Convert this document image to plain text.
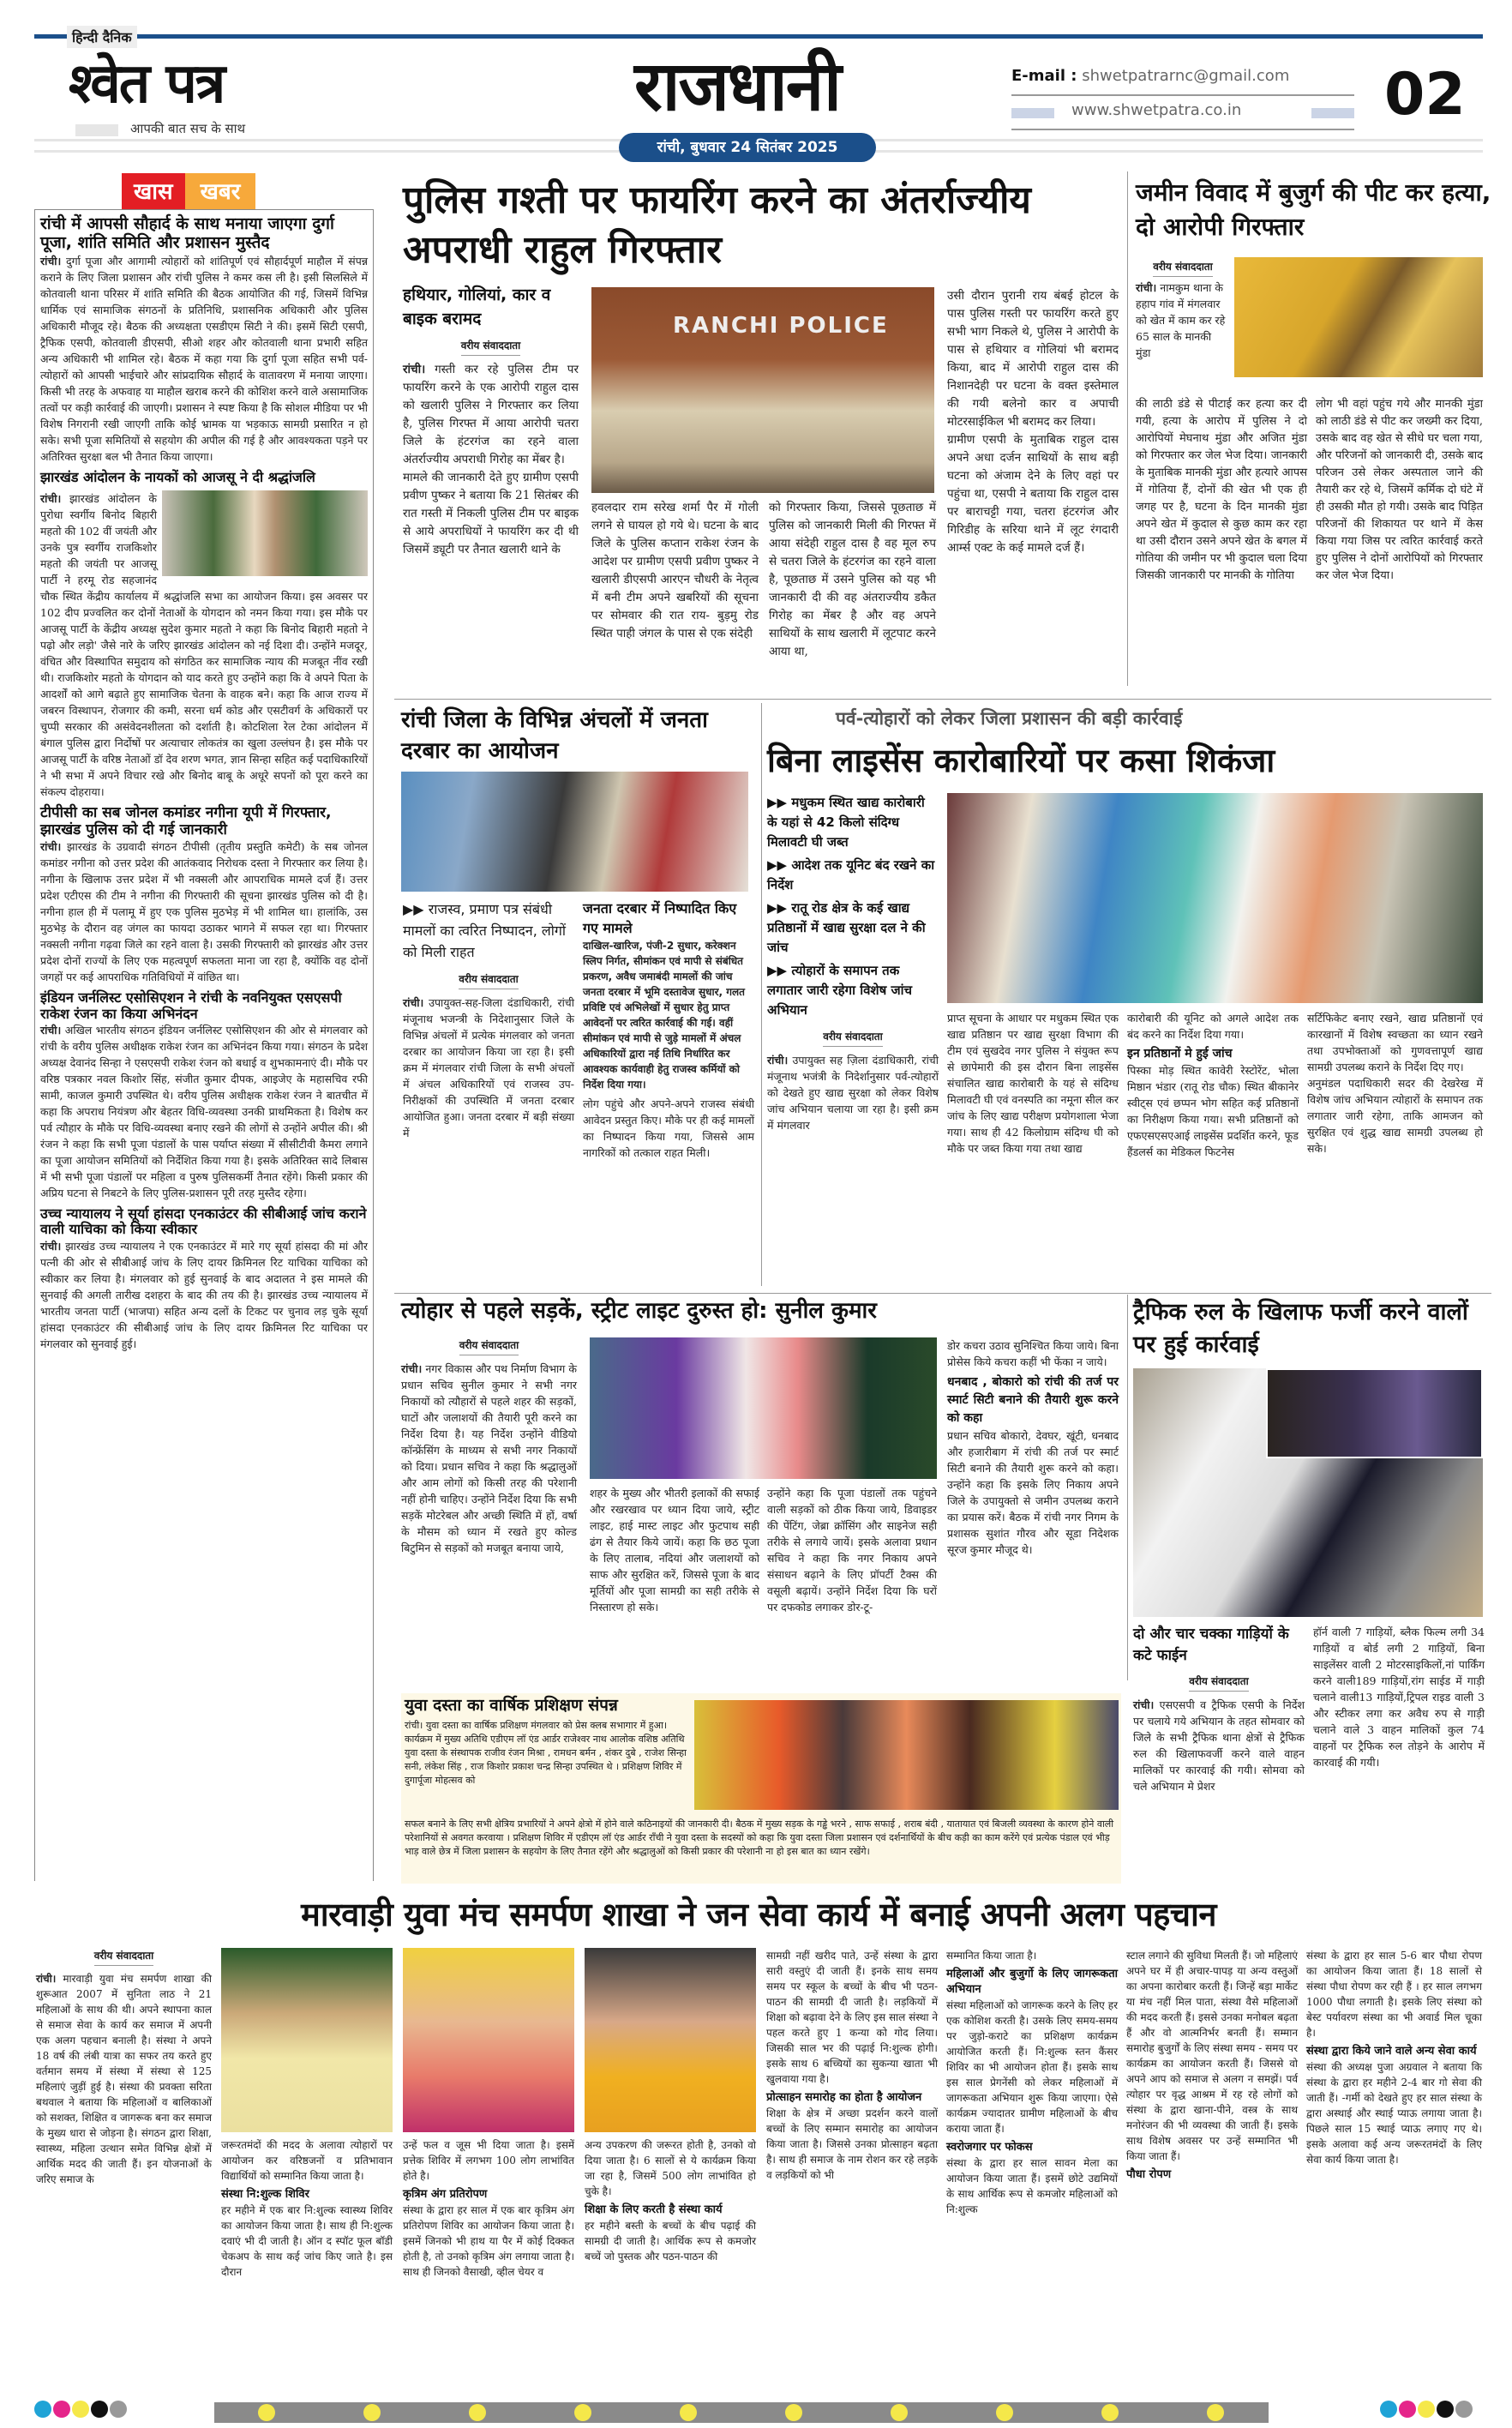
हिन्दी दैनिक
श्वेत पत्र
आपकी बात सच के साथ
राजधानी
रांची, बुधवार 24 सितंबर 2025
E-mail : shwetpatrarnc@gmail.com
www.shwetpatra.co.in 02
खास	खबर
रांची में आपसी सौहार्द के साथ मनाया जाएगा दुर्गा पूजा, शांति समिति और प्रशासन मुस्तैद
रांची। दुर्गा पूजा और आगामी त्योहारों को शांतिपूर्ण एवं सौहार्दपूर्ण माहौल में संपन्न कराने के लिए जिला प्रशासन और रांची पुलिस ने कमर कस ली है। इसी सिलसिले में कोतवाली थाना परिसर में शांति समिति की बैठक आयोजित की गई, जिसमें विभिन्न धार्मिक एवं सामाजिक संगठनों के प्रतिनिधि, प्रशासनिक अधिकारी और पुलिस अधिकारी मौजूद रहे। बैठक की अध्यक्षता एसडीएम सिटी ने की। इसमें सिटी एसपी, ट्रैफिक एसपी, कोतवाली डीएसपी, सीओ शहर और कोतवाली थाना प्रभारी सहित अन्य अधिकारी भी शामिल रहे। बैठक में कहा गया कि दुर्गा पूजा सहित सभी पर्व-त्योहारों को आपसी भाईचारे और सांप्रदायिक सौहार्द के वातावरण में मनाया जाएगा। किसी भी तरह के अफवाह या माहौल खराब करने की कोशिश करने वाले असामाजिक तत्वों पर कड़ी कार्रवाई की जाएगी। प्रशासन ने स्पष्ट किया है कि सोशल मीडिया पर भी विशेष निगरानी रखी जाएगी ताकि कोई भ्रामक या भड़काऊ सामग्री प्रसारित न हो सके। सभी पूजा समितियों से सहयोग की अपील की गई है और आवश्यकता पड़ने पर अतिरिक्त सुरक्षा बल भी तैनात किया जाएगा।
झारखंड आंदोलन के नायकों को आजसू ने दी श्रद्धांजलि
रांची। झारखंड आंदोलन के पुरोधा स्वर्गीय बिनोद बिहारी महतो की 102 वीं जयंती और उनके पुत्र स्वर्गीय राजकिशोर महतो की जयंती पर आजसू पार्टी ने हरमू रोड सहजानंद चौक स्थित केंद्रीय कार्यालय में श्रद्धांजलि सभा का आयोजन किया। इस अवसर पर 102 दीप प्रज्वलित कर दोनों नेताओं के योगदान को नमन किया गया। इस मौके पर आजसू पार्टी के केंद्रीय अध्यक्ष सुदेश कुमार महतो ने कहा कि बिनोद बिहारी महतो ने पढ़ो और लड़ो' जैसे नारे के जरिए झारखंड आंदोलन को नई दिशा दी। उन्होंने मजदूर, वंचित और विस्थापित समुदाय को संगठित कर सामाजिक न्याय की मजबूत नींव रखी थी। राजकिशोर महतो के योगदान को याद करते हुए उन्होंने कहा कि वे अपने पिता के आदर्शों को आगे बढ़ाते हुए सामाजिक चेतना के वाहक बने। कहा कि आज राज्य में जबरन विस्थापन, रोजगार की कमी, सरना धर्म कोड और एसटीवर्ग के अधिकारों पर चुप्पी सरकार की असंवेदनशीलता को दर्शाती है। कोटशिला रेल टेका आंदोलन में बंगाल पुलिस द्वारा निर्दोषों पर अत्याचार लोकतंत्र का खुला उल्लंघन है। इस मौके पर आजसू पार्टी के वरिष्ठ नेताओं डॉ देव शरण भगत, ज्ञान सिन्हा सहित कई पदाधिकारियों ने भी सभा में अपने विचार रखे और बिनोद बाबू के अधूरे सपनों को पूरा करने का संकल्प दोहराया।
टीपीसी का सब जोनल कमांडर नगीना यूपी में गिरफ्तार, झारखंड पुलिस को दी गई जानकारी
रांची। झारखंड के उग्रवादी संगठन टीपीसी (तृतीय प्रस्तुति कमेटी) के सब जोनल कमांडर नगीना को उत्तर प्रदेश की आतंकवाद निरोधक दस्ता ने गिरफ्तार कर लिया है। नगीना के खिलाफ उत्तर प्रदेश में भी नक्सली और आपराधिक मामले दर्ज हैं। उत्तर प्रदेश एटीएस की टीम ने नगीना की गिरफ्तारी की सूचना झारखंड पुलिस को दी है। नगीना हाल ही में पलामू में हुए एक पुलिस मुठभेड़ में भी शामिल था। हालांकि, उस मुठभेड़ के दौरान वह जंगल का फायदा उठाकर भागने में सफल रहा था। गिरफ्तार नक्सली नगीना गढ़वा जिले का रहने वाला है। उसकी गिरफ्तारी को झारखंड और उत्तर प्रदेश दोनों राज्यों के लिए एक महत्वपूर्ण सफलता माना जा रहा है, क्योंकि वह दोनों जगहों पर कई आपराधिक गतिविधियों में वांछित था।
इंडियन जर्नलिस्ट एसोसिएशन ने रांची के नवनियुक्त एसएसपी राकेश रंजन का किया अभिनंदन
रांची। अखिल भारतीय संगठन इंडियन जर्नलिस्ट एसोसिएशन की ओर से मंगलवार को रांची के वरीय पुलिस अधीक्षक राकेश रंजन का अभिनंदन किया गया। संगठन के प्रदेश अध्यक्ष देवानंद सिन्हा ने एसएसपी राकेश रंजन को बधाई व शुभकामनाएं दी। मौके पर वरिष्ठ पत्रकार नवल किशोर सिंह, संजीत कुमार दीपक, आइजेए के महासचिव रफी सामी, काजल कुमारी उपस्थित थे। वरीय पुलिस अधीक्षक राकेश रंजन ने बातचीत में कहा कि अपराध नियंत्रण और बेहतर विधि-व्यवस्था उनकी प्राथमिकता है। विशेष कर पर्व त्यौहार के मौके पर विधि-व्यवस्था बनाए रखने की लोगों से उन्होंने अपील की। श्री रंजन ने कहा कि सभी पूजा पंडालों के पास पर्याप्त संख्या में सीसीटीवी कैमरा लगाने का पूजा आयोजन समितियों को निर्देशित किया गया है। इसके अतिरिक्त सादे लिबास में भी सभी पूजा पंडालों पर महिला व पुरुष पुलिसकर्मी तैनात रहेंगे। किसी प्रकार की अप्रिय घटना से निबटने के लिए पुलिस-प्रशासन पूरी तरह मुस्तैद रहेगा।
उच्च न्यायालय ने सूर्या हांसदा एनकाउंटर की सीबीआई जांच कराने वाली याचिका को किया स्वीकार
रांची। झारखंड उच्च न्यायालय ने एक एनकाउंटर में मारे गए सूर्या हांसदा की मां और पत्नी की ओर से सीबीआई जांच के लिए दायर क्रिमिनल रिट याचिका याचिका को स्वीकार कर लिया है। मंगलवार को हुई सुनवाई के बाद अदालत ने इस मामले की सुनवाई की अगली तारीख दशहरा के बाद की तय की है। झारखंड उच्च न्यायालय में भारतीय जनता पार्टी (भाजपा) सहित अन्य दलों के टिकट पर चुनाव लड़ चुके सूर्या हांसदा एनकाउंटर की सीबीआई जांच के लिए दायर क्रिमिनल रिट याचिका पर मंगलवार को सुनवाई हुई।
पुलिस गश्ती पर फायरिंग करने का अंतर्राज्यीय अपराधी राहुल गिरफ्तार
हथियार, गोलियां, कार व बाइक बरामद
वरीय संवाददाता
रांची। गस्ती कर रहे पुलिस टीम पर फायरिंग करने के एक आरोपी राहुल दास को खलारी पुलिस ने गिरफ्तार कर लिया है, पुलिस गिरफ्त में आया आरोपी चतरा जिले के हंटरगंज का रहने वाला अंतर्राज्यीय अपराधी गिरोह का मेंबर है।
मामले की जानकारी देते हुए ग्रामीण एसपी प्रवीण पुष्कर ने बताया कि 21 सितंबर की रात गस्ती में निकली पुलिस टीम पर बाइक से आये अपराधियों ने फायरिंग कर दी थी जिसमें ड्यूटी पर तैनात खलारी थाने के
RANCHI POLICE
हवलदार राम सरेख शर्मा पैर में गोली लगने से घायल हो गये थे। घटना के बाद जिले के पुलिस कप्तान राकेश रंजन के आदेश पर ग्रामीण एसपी प्रवीण पुष्कर ने खलारी डीएसपी आरएन चौधरी के नेतृत्व में बनी टीम अपने खबरियों की सूचना पर सोमवार की रात राय- बुड़मु रोड स्थित पाही जंगल के पास से एक संदेही
को गिरफ्तार किया, जिससे पूछताछ में पुलिस को जानकारी मिली की गिरफ्त में आया संदेही राहुल दास है वह मूल रुप से चतरा जिले के हंटरगंज का रहने वाला है, पूछताछ में उसने पुलिस को यह भी जानकारी दी की वह अंतराज्यीय डकैत गिरोह का मेंबर है और वह अपने साथियों के साथ खलारी में लूटपाट करने आया था,
उसी दौरान पुरानी राय बंबई होटल के पास पुलिस गस्ती पर फायरिंग करते हुए सभी भाग निकले थे, पुलिस ने आरोपी के पास से हथियार व गोलियां भी बरामद किया, बाद में आरोपी राहुल दास की निशानदेही पर घटना के वक्त इस्तेमाल की गयी बलेनो कार व अपाची मोटरसाईकिल भी बरामद कर लिया।
ग्रामीण एसपी के मुताबिक राहुल दास अपने अधा दर्जन साथियों के साथ बड़ी घटना को अंजाम देने के लिए वहां पर पहुंचा था, एसपी ने बताया कि राहुल दास पर बाराचट्टी गया, चतरा हंटरगंज और गिरिडीह के सरिया थाने में लूट रंगदारी आर्म्स एक्ट के कई मामले दर्ज हैं।
जमीन विवाद में बुजुर्ग की पीट कर हत्या, दो आरोपी गिरफ्तार
वरीय संवाददाता
रांची। नामकुम थाना के हहाप गांव में मंगलवार को खेत में काम कर रहे 65 साल के मानकी मुंडा
की लाठी डंडे से पीटाई कर हत्या कर दी गयी, हत्या के आरोप में पुलिस ने दो आरोपियों मेघनाथ मुंडा और अजित मुंडा को गिरफ्तार कर जेल भेज दिया। जानकारी के मुताबिक मानकी मुंडा और हत्यारे आपस में गोतिया हैं, दोनों की खेत भी एक ही जगह पर है, घटना के दिन मानकी मुंडा अपने खेत में कुदाल से कुछ काम कर रहा था उसी दौरान उसने अपने खेत के बगल में गोतिया की जमीन पर भी कुदाल चला दिया जिसकी जानकारी पर मानकी के गोतिया
लोग भी वहां पहुंच गये और मानकी मुंडा को लाठी डंडे से पीट कर जख्मी कर दिया, उसके बाद वह खेत से सीधे घर चला गया, और परिजनों को जानकारी दी, उसके बाद परिजन उसे लेकर अस्पताल जाने की तैयारी कर रहे थे, जिसमें कर्मिक दो घंटे में ही उसकी मौत हो गयी। उसके बाद पिड़ित परिजनों की शिकायत पर थाने में केस किया गया जिस पर त्वरित कार्रवाई करते हुए पुलिस ने दोनों आरोपियों को गिरफ्तार कर जेल भेज दिया।
रांची जिला के विभिन्न अंचलों में जनता दरबार का आयोजन
▶▶ राजस्व, प्रमाण पत्र संबंधी मामलों का त्वरित निष्पादन, लोगों को मिली राहत
वरीय संवाददाता
रांची। उपायुक्त-सह-जिला दंडाधिकारी, रांची मंजूनाथ भजन्त्री के निदेशानुसार जिले के विभिन्न अंचलों में प्रत्येक मंगलवार को जनता दरबार का आयोजन किया जा रहा है। इसी क्रम में मंगलवार रांची जिला के सभी अंचलों में अंचल अधिकारियों एवं राजस्व उप-निरीक्षकों की उपस्थिति में जनता दरबार आयोजित हुआ। जनता दरबार में बड़ी संख्या में
जनता दरबार में निष्पादित किए गए मामले
दाखिल-खारिज, पंजी-2 सुधार, करेक्शन स्लिप निर्गत, सीमांकन एवं मापी से संबंधित प्रकरण, अवैध जमाबंदी मामलों की जांच जनता दरबार में भूमि दस्तावेज सुधार, गलत प्रविष्टि एवं अभिलेखों में सुधार हेतु प्राप्त आवेदनों पर त्वरित कार्रवाई की गई। वहीं सीमांकन एवं मापी से जुड़े मामलों में अंचल अधिकारियों द्वारा नई तिथि निर्धारित कर आवश्यक कार्यवाही हेतु राजस्व कर्मियों को निर्देश दिया गया।
लोग पहुंचे और अपने-अपने राजस्व संबंधी आवेदन प्रस्तुत किए। मौके पर ही कई मामलों का निष्पादन किया गया, जिससे आम नागरिकों को तत्काल राहत मिली।
पर्व-त्योहारों को लेकर जिला प्रशासन की बड़ी कार्रवाई
बिना लाइसेंस कारोबारियों पर कसा शिकंजा
▶▶ मधुकम स्थित खाद्य कारोबारी के यहां से 42 किलो संदिग्ध मिलावटी घी जब्त
▶▶ आदेश तक यूनिट बंद रखने का निर्देश
▶▶ रातू रोड क्षेत्र के कई खाद्य प्रतिष्ठानों में खाद्य सुरक्षा दल ने की जांच
▶▶ त्योहारों के समापन तक लगातार जारी रहेगा विशेष जांच अभियान
वरीय संवाददाता
रांची। उपायुक्त सह ज़िला दंडाधिकारी, रांची मंजूनाथ भजंत्री के निदेर्शानुसार पर्व-त्योहारों को देखते हुए खाद्य सुरक्षा को लेकर विशेष जांच अभियान चलाया जा रहा है। इसी क्रम में मंगलवार
प्राप्त सूचना के आधार पर मधुकम स्थित एक खाद्य प्रतिष्ठान पर खाद्य सुरक्षा विभाग की टीम एवं सुखदेव नगर पुलिस ने संयुक्त रूप से छापेमारी की इस दौरान बिना लाइसेंस संचालित खाद्य कारोबारी के यहं से संदिग्ध मिलावटी घी एवं वनस्पति का नमूना सील कर जांच के लिए खाद्य परीक्षण प्रयोगशाला भेजा गया। साथ ही 42 किलोग्राम संदिग्ध घी को मौके पर जब्त किया गया तथा खाद्य
कारोबारी की यूनिट को अगले आदेश तक बंद करने का निर्देश दिया गया।
इन प्रतिष्ठानों मे हुई जांच
पिस्का मोड़ स्थित कावेरी रेस्टोरेंट, भोला मिष्ठान भंडार (रातू रोड चौक) स्थित बीकानेर स्वीट्स एवं छप्पन भोग सहित कई प्रतिष्ठानों का निरीक्षण किया गया। सभी प्रतिष्ठानों को एफएसएसएआई लाइसेंस प्रदर्शित करने, फूड हैंडलर्स का मेडिकल फिटनेस
सर्टिफिकेट बनाए रखने, खाद्य प्रतिष्ठानों एवं कारखानों में विशेष स्वच्छता का ध्यान रखने तथा उपभोक्ताओं को गुणवत्तापूर्ण खाद्य सामग्री उपलब्ध कराने के निर्देश दिए गए।
अनुमंडल पदाधिकारी सदर की देखरेख में विशेष जांच अभियान त्योहारों के समापन तक लगातार जारी रहेगा, ताकि आमजन को सुरक्षित एवं शुद्ध खाद्य सामग्री उपलब्ध हो सके।
त्योहार से पहले सड़कें, स्ट्रीट लाइट दुरुस्त हो: सुनील कुमार
वरीय संवाददाता
रांची। नगर विकास और पथ निर्माण विभाग के प्रधान सचिव सुनील कुमार ने सभी नगर निकायों को त्यौहारों से पहले शहर की सड़कों, घाटों और जलाशयों की तैयारी पूरी करने का निर्देश दिया है। यह निर्देश उन्होंने वीडियो कॉन्फ्रेंसिंग के माध्यम से सभी नगर निकायों को दिया। प्रधान सचिव ने कहा कि श्रद्धालुओं और आम लोगों को किसी तरह की परेशानी नहीं होनी चाहिए। उन्होंने निर्देश दिया कि सभी सड़कें मोटरेबल और अच्छी स्थिति में हों, वर्षा के मौसम को ध्यान में रखते हुए कोल्ड बिटुमिन से सड़कों को मजबूत बनाया जाये,
शहर के मुख्य और भीतरी इलाकों की सफाई और रखरखाव पर ध्यान दिया जाये, स्ट्रीट लाइट, हाई मास्ट लाइट और फुटपाथ सही ढंग से तैयार किये जायें। कहा कि छठ पूजा के लिए तालाब, नदियां और जलाशयों को साफ और सुरक्षित करें, जिससे पूजा के बाद मूर्तियों और पूजा सामग्री का सही तरीके से निस्तारण हो सके।
उन्होंने कहा कि पूजा पंडालों तक पहुंचने वाली सड़कों को ठीक किया जाये, डिवाइडर की पेंटिंग, जेब्रा क्रॉसिंग और साइनेज सही तरीके से लगाये जायें। इसके अलावा प्रधान सचिव ने कहा कि नगर निकाय अपने संसाधन बढ़ाने के लिए प्रॉपर्टी टैक्स की वसूली बढ़ायें। उन्होंने निर्देश दिया कि घरों पर दफकोड लगाकर डोर-टू-
डोर कचरा उठाव सुनिश्चित किया जाये। बिना प्रोसेस किये कचरा कहीं भी फेंका न जाये।
धनबाद , बोकारो को रांची की तर्ज पर स्मार्ट सिटी बनाने की तैयारी शुरू करने को कहा
प्रधान सचिव बोकारो, देवघर, खूंटी, धनबाद और हजारीबाग में रांची की तर्ज पर स्मार्ट सिटी बनाने की तैयारी शुरू करने को कहा। उन्होंने कहा कि इसके लिए निकाय अपने जिले के उपायुक्तो से जमीन उपलब्ध कराने का प्रयास करें। बैठक में रांची नगर निगम के प्रशासक सुशांत गौरव और सूडा निदेशक सूरज कुमार मौजूद थे।
ट्रैफिक रुल के खिलाफ फर्जी करने वालों पर हुई कार्रवाई
दो और चार चक्का गाड़ियों के कटे फाईन
वरीय संवाददाता
रांची। एसएसपी व ट्रैफिक एसपी के निर्देश पर चलाये गये अभियान के तहत सोमवार को जिले के सभी ट्रैफिक थाना क्षेत्रों से ट्रैफिक रुल की खिलाफवर्जी करने वाले वाहन मालिकों पर कारवाई की गयी। सोमवा को चले अभियान मे प्रेशर
हॉर्न वाली 7 गाड़ियों, ब्लैक फिल्म लगी 34 गाड़ियों व बोर्ड लगी 2 गाड़ियों, बिना साइलेंसर वाली 2 मोटरसाइकिलों,नां पार्किंग करने वाली189 गाड़ियों,रांग साईड में गाड़ी चलाने वाली13 गाड़ियों,ट्रिपल राइड वाली 3 और स्टीकर लगा कर अवैध रुप से गाड़ी चलाने वाले 3 वाहन मालिकों कुल 74 वाहनों पर ट्रैफिक रुल तोड़ने के आरोप में कारवाई की गयी।
युवा दस्ता का वार्षिक प्रशिक्षण संपन्न
रांची। युवा दस्ता का वार्षिक प्रशिक्षण मंगलवार को प्रेस क्लब सभागार में हुआ। कार्यक्रम में मुख्य अतिथि एडीएम लॉ एंड आर्डर राजेश्वर नाथ आलोक वशिष्ठ अतिथि युवा दस्ता के संस्थापक राजीव रंजन मिश्रा , रामधन बर्मन , शंकर दुबे , राजेश सिन्हा सनी, लंकेश सिंह , राज किशोर प्रकाश चन्द्र सिन्हा उपस्थित थे । प्रशिक्षण शिविर में दुगार्पूजा मोहत्सव को
सफल बनाने के लिए सभी क्षेत्रिय प्रभारियों ने अपने क्षेत्रो में होने वाले कठिनाइयों की जानकारी दी। बैठक में मुख्य सड़क के गड्ढे भरने , साफ सफाई , शराब बंदी , यातायात एवं बिजली व्यवस्था के कारण होने वाली परेशानियों से अवगत करवाया । प्रशिक्षण शिविर में एडीएम लॉ एंड आर्डर रॉंची ने युवा दस्ता के सदस्यों को कहा कि युवा दस्ता जिला प्रशासन एवं दर्शनार्थियों के बीच कड़ी का काम करेंगे एवं प्रत्येक पंडाल एवं भीड़ भाड़ वाले छेत्र में जिला प्रशासन के सहयोग के लिए तैनात रहेंगे और श्रद्धालुओं को किसी प्रकार की परेशानी ना हो इस बात का ध्यान रखेंगे।
मारवाड़ी युवा मंच समर्पण शाखा ने जन सेवा कार्य में बनाई अपनी अलग पहचान
वरीय संवाददाता
रांची। मारवाड़ी युवा मंच समर्पण शाखा की शुरूआत 2007 में सुनिता लाठ ने 21 महिलाओं के साथ की थी। अपने स्थापना काल से समाज सेवा के कार्य कर समाज में अपनी एक अलग पहचान बनाली है। संस्था ने अपने 18 वर्ष की लंबी यात्रा का सफर तय करते हुए वर्तमान समय में संस्था में संस्था से 125 महिलाएं जुड़ीं हुई है। संस्था की प्रवक्ता सरिता बथवाल ने बताया कि महिलाओं व बालिकाओं को सशक्त, शिक्षित व जागरूक बना कर समाज के मुख्य धारा से जोड़ना है। संगठन द्वारा शिक्षा, स्वास्थ्य, महिला उत्थान समेत विभिन्न क्षेत्रों में आर्थिक मदद की जाती हैं। इन योजनाओं के जरिए समाज के
जरूरतमंदों की मदद के अलावा त्योहारों पर आयोजन कर वरिष्ठजनों व प्रतिभावान विद्यार्थियों को सम्मानित किया जाता है।
संस्था नि:शुल्क शिविर
हर महीने में एक बार नि:शुल्क स्वास्थ्य शिविर का आयोजन किया जाता है। साथ ही नि:शुल्क दवाएं भी दी जाती है। ऑन द स्पॉट फूल बॉडी चेकअप के साथ कई जांच किए जाते है। इस दौरान
उन्हें फल व जूस भी दिया जाता है। इसमें प्रत्तेक शिविर में लगभग 100 लोग लाभांवित होते है।
कृत्रिम अंग प्रतिरोपण
संस्था के द्वारा हर साल में एक बार कृत्रिम अंग प्रतिरोपण शिविर का आयोजन किया जाता है। इसमें जिनको भी हाथ या पैर में कोई दिक्कत होती है, तो उनको कृत्रिम अंग लगाया जाता है। साथ ही जिनको वैसाखी, व्हील चेयर व
अन्य उपकरण की जरूरत होती है, उनको वो दिया जाता है। 6 सालों से ये कार्यक्रम किया जा रहा है, जिसमें 500 लोग लाभांवित हो चुके है।
शिक्षा के लिए करती है संस्था कार्य
हर महीने बस्ती के बच्चों के बीच पढ़ाई की सामग्री दी जाती है। आर्थिक रूप से कमजोर बच्चें जो पुस्तक और पठन-पाठन की
सामग्री नहीं खरीद पाते, उन्हें संस्था के द्वारा सारी वस्तुएं दी जाती हैं। इनके साथ समय समय पर स्कूल के बच्चों के बीच भी पठन-पाठन की सामग्री दी जाती है। लड़कियों में शिक्षा को बढ़ावा देने के लिए इस साल संस्था ने पहल करते हुए 1 कन्या को गोद लिया। जिसकी साल भर की पढ़ाई नि:शुल्क होगी। इसके साथ 6 बच्चियों का सुकन्या खाता भी खुलवाया गया है।
प्रोत्साहन समारोह का होता है आयोजन
शिक्षा के क्षेत्र में अच्छा प्रदर्शन करने वालों बच्चों के लिए सम्मान समारोह का आयोजन किया जाता है। जिससे उनका प्रोत्साहन बढ़ता है। साथ ही समाज के नाम रोशन कर रहे लड़के व लड़कियों को भी
सम्मानित किया जाता है।
महिलाओं और बुजुर्गो के लिए जागरूकता अभियान
संस्था महिलाओं को जागरूक करने के लिए हर एक कोशिश करती है। उसके लिए समय-समय पर जुड़ो-कराटे का प्रशिक्षण कार्यक्रम आयोजित करती हैं। नि:शुल्क स्तन कैंसर शिविर का भी आयोजन होता हैं। इसके साथ इस साल प्रेगनेंसी को लेकर महिलाओं में जागरूकता अभियान शुरू किया जाएगा। ऐसे कार्यक्रम ज्यादातर ग्रामीण महिलाओं के बीच कराया जाता हैं।
स्वरोजगार पर फोकस
संस्था के द्वारा हर साल सावन मेला का आयोजन किया जाता हैं। इसमें छोटे उद्यमियों के साथ आर्थिक रूप से कमजोर महिलाओं को नि:शुल्क
स्टाल लगाने की सुविधा मिलती हैं। जो महिलाएं अपने घर में ही अचार-पापड़ या अन्य वस्तुओं का अपना कारोबार करती हैं। जिन्हें बड़ा मार्केट या मंच नहीं मिल पाता, संस्था वैसे महिलाओं की मदद करती हैं। इससे उनका मनोबल बढ़ता हैं और वो आत्मनिर्भर बनती हैं। सम्मान समारोह बुजुर्गों के लिए संस्था समय - समय पर कार्यक्रम का आयोजन करती हैं। जिससे वो अपने आप को समाज से अलग न समझें। पर्व त्योहार पर वृद्ध आश्रम में रह रहे लोगों को संस्था के द्वारा खाना-पीने, वस्त्र के साथ मनोरंजन की भी व्यवस्था की जाती हैं। इसके साथ विशेष अवसर पर उन्हें सम्मानित भी किया जाता हैं।
पौधा रोपण
संस्था के द्वारा हर साल 5-6 बार पौधा रोपण का आयोजन किया जाता हैं। 18 सालों से संस्था पौधा रोपण कर रही हैं । हर साल लगभग 1000 पौधा लगाती है। इसके लिए संस्था को बेस्ट पर्यावरण संस्था का भी अवार्ड मिल चूका है।
संस्था द्वारा किये जाने वाले अन्य सेवा कार्य
संस्था की अध्यक्ष पुजा अग्रवाल ने बताया कि संस्था के द्वारा हर महीने 2-4 बार गो सेवा की जाती हैं। -गर्मी को देखते हुए हर साल संस्था के द्वारा अस्थाई और स्थाई प्याऊ लगाया जाता है। पिछले साल 15 स्थाई प्याऊ लगाए गए थे। इसके अलावा कई अन्य जरूरतमंदों के लिए सेवा कार्य किया जाता है।
